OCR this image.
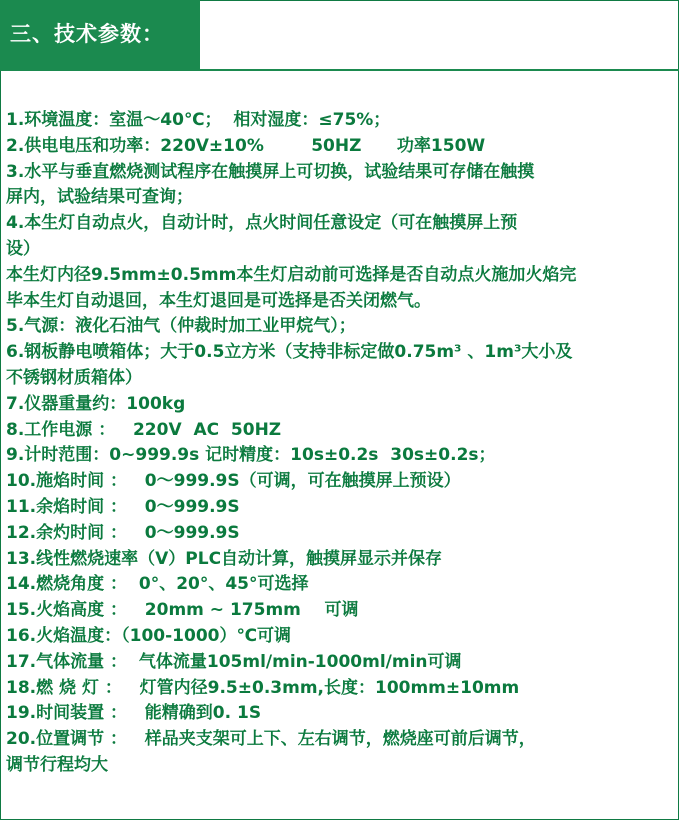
三、技术参数：
1.环境温度：室温～40℃；  相对湿度：≤75%；
2.供电电压和功率：220V±10%        50HZ      功率150W
3.水平与垂直燃烧测试程序在触摸屏上可切换，试验结果可存储在触摸
屏内，试验结果可查询；
4.本生灯自动点火，自动计时，点火时间任意设定（可在触摸屏上预
设）
本生灯内径9.5mm±0.5mm本生灯启动前可选择是否自动点火施加火焰完
毕本生灯自动退回，本生灯退回是可选择是否关闭燃气。
5.气源：液化石油气（仲裁时加工业甲烷气）；
6.钢板静电喷箱体；大于0.5立方米（支持非标定做0.75m³ 、1m³大小及
不锈钢材质箱体）
7.仪器重量约：100kg
8.工作电源 ：   220V  AC  50HZ
9.计时范围：0~999.9s 记时精度：10s±0.2s  30s±0.2s；
10.施焰时间 ：   0～999.9S（可调，可在触摸屏上预设）
11.余焰时间 ：   0～999.9S
12.余灼时间 ：   0～999.9S
13.线性燃烧速率（V）PLC自动计算，触摸屏显示并保存
14.燃烧角度 ：  0°、20°、45°可选择
15.火焰高度 ：   20mm ~ 175mm    可调
16.火焰温度：（100-1000）℃可调
17.气体流量 ：  气体流量105ml/min-1000ml/min可调
18.燃 烧 灯 ：   灯管内径9.5±0.3mm,长度：100mm±10mm
19.时间装置 ：   能精确到0. 1S
20.位置调节 ：   样品夹支架可上下、左右调节，燃烧座可前后调节，
调节行程均大
